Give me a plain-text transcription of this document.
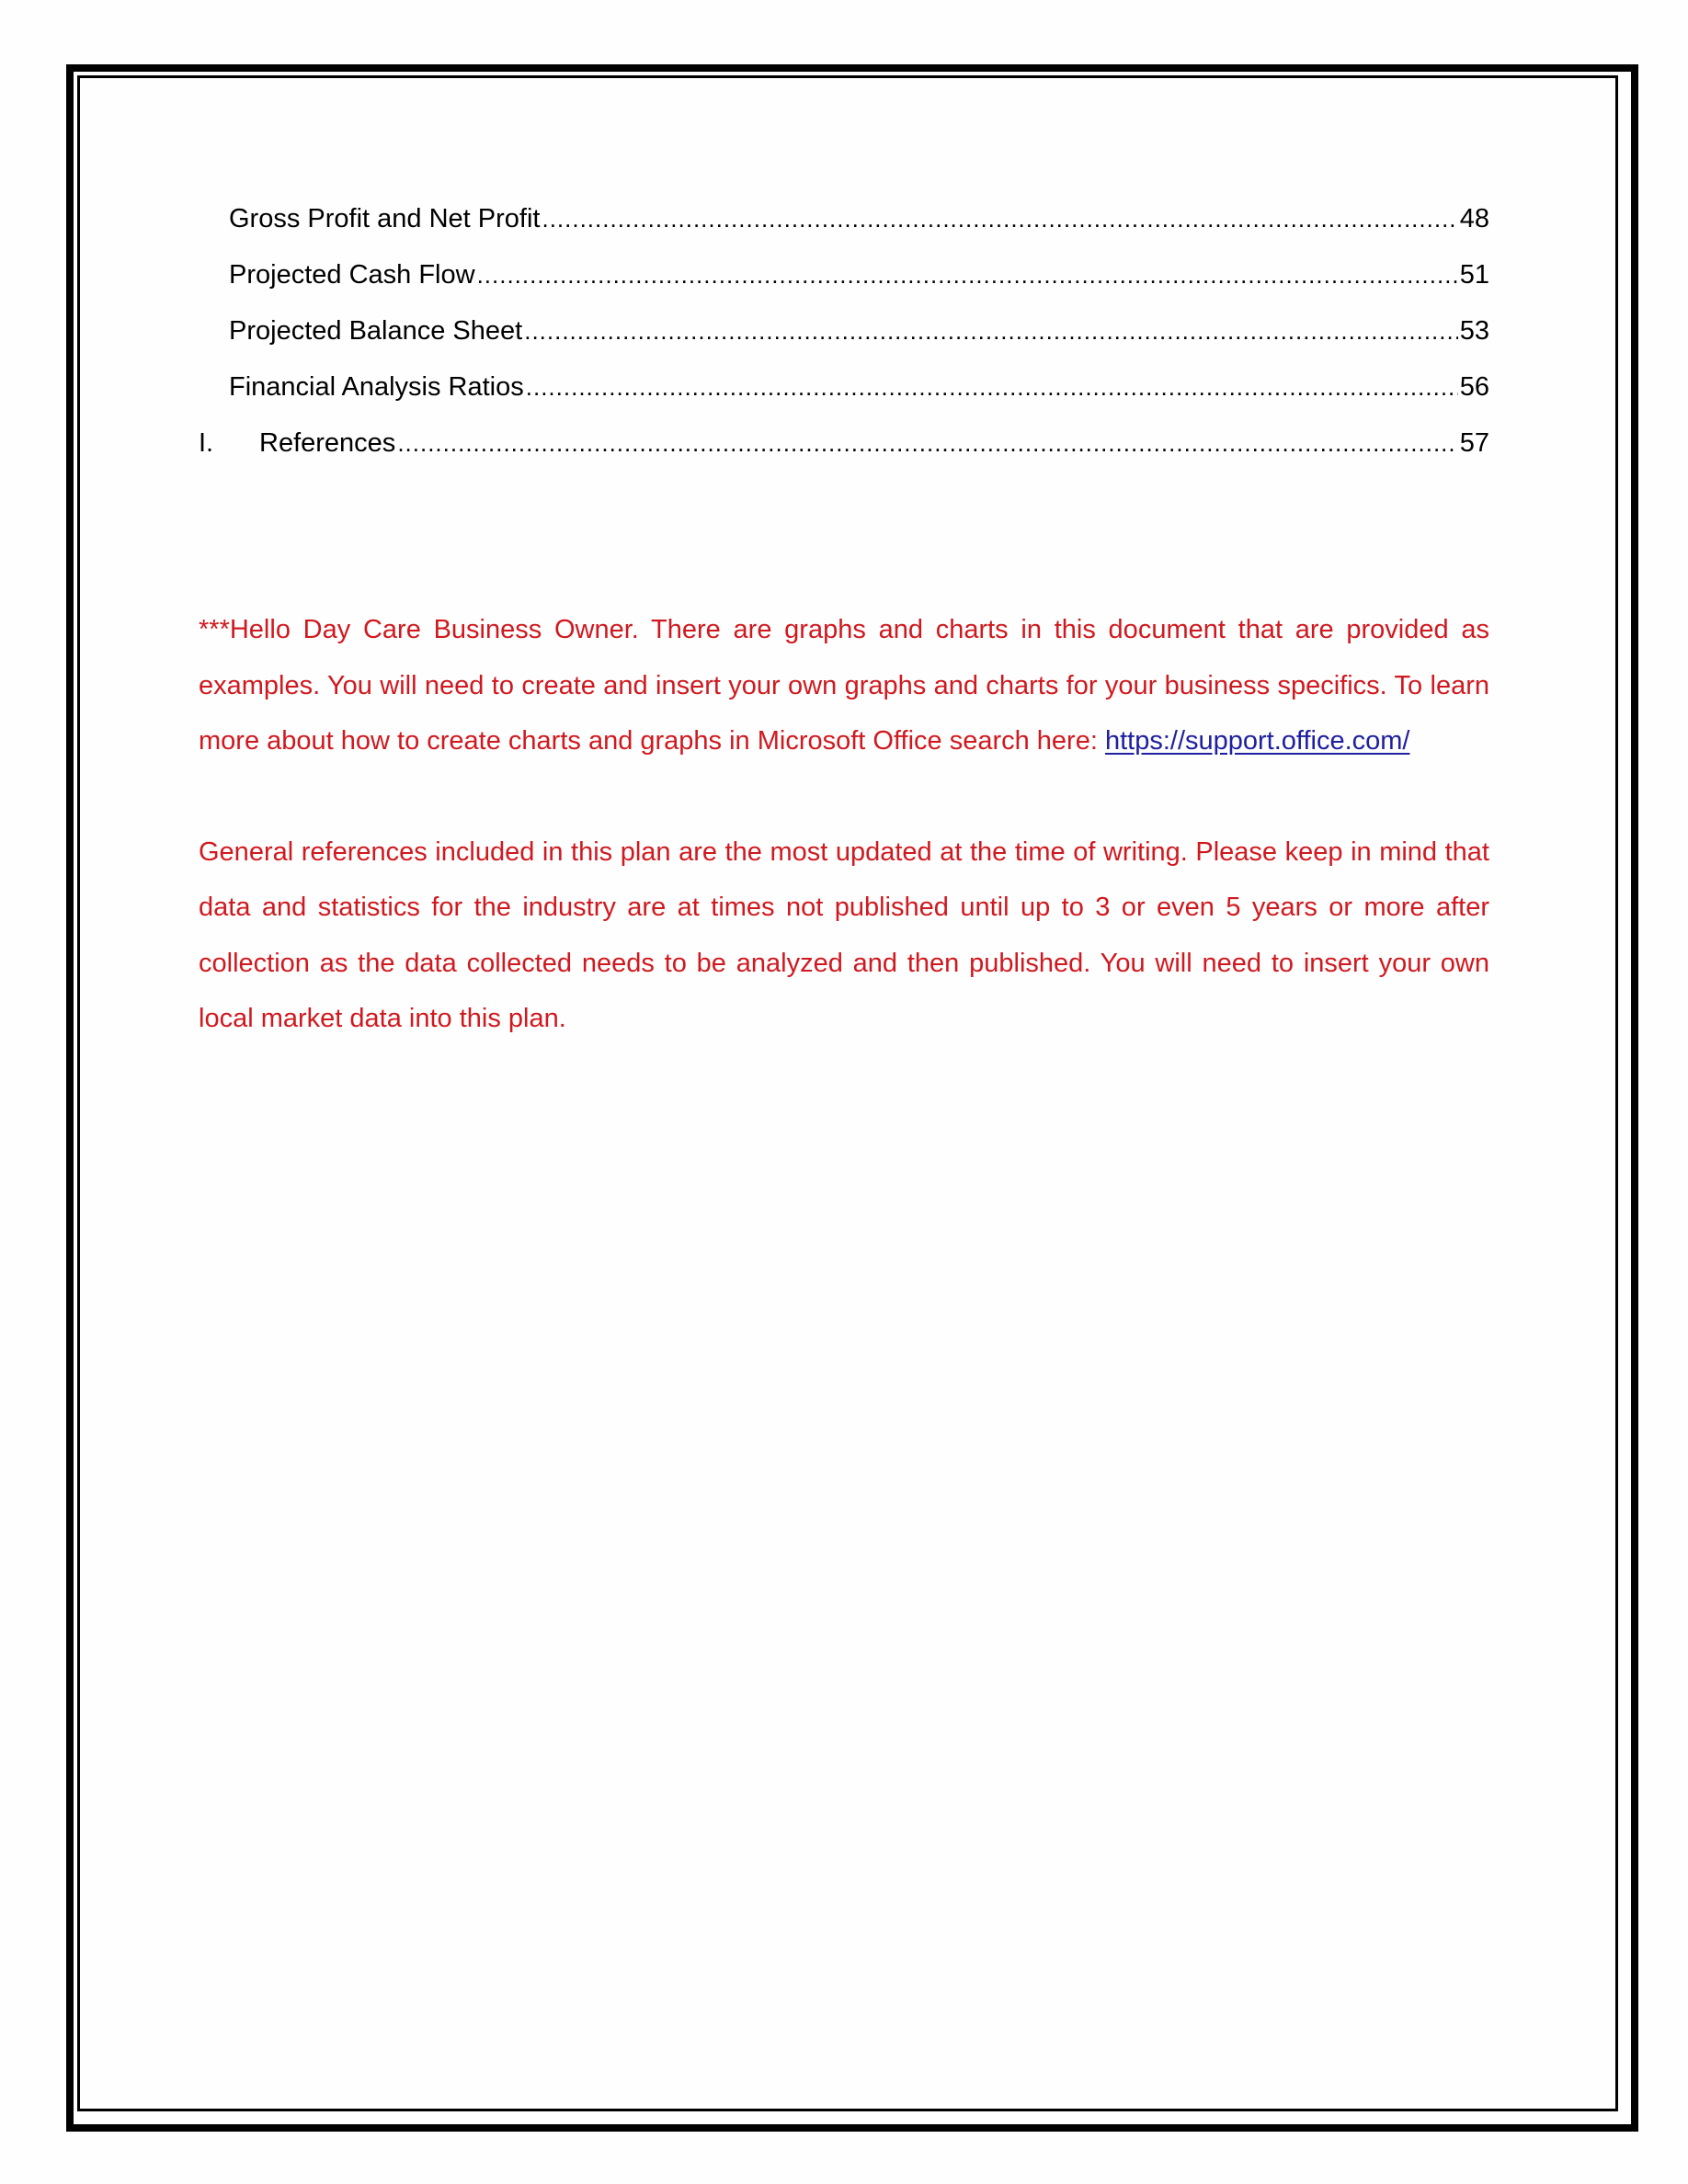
Gross Profit and Net Profit .....	48
Projected Cash Flow .....	51
Projected Balance Sheet .....	53
Financial Analysis Ratios .....	56
I.	References .....	57

***Hello Day Care Business Owner. There are graphs and charts in this document that are provided as examples. You will need to create and insert your own graphs and charts for your business specifics. To learn more about how to create charts and graphs in Microsoft Office search here: https://support.office.com/

General references included in this plan are the most updated at the time of writing. Please keep in mind that data and statistics for the industry are at times not published until up to 3 or even 5 years or more after collection as the data collected needs to be analyzed and then published. You will need to insert your own local market data into this plan.
